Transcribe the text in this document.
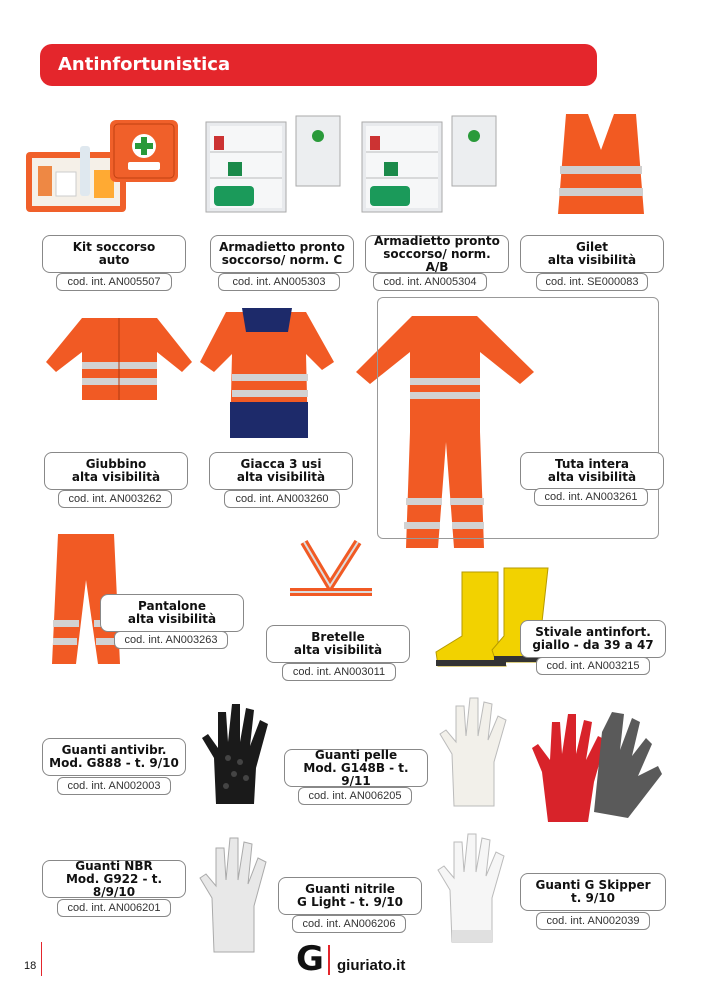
Antinfortunistica
Kit soccorso
auto
cod. int. AN005507
Armadietto pronto
soccorso/ norm. C
cod. int. AN005303
Armadietto pronto
soccorso/ norm. A/B
cod. int. AN005304
Gilet
alta visibilità
cod. int. SE000083
Giubbino
alta visibilità
cod. int. AN003262
Giacca 3 usi
alta visibilità
cod. int. AN003260
Tuta intera
alta visibilità
cod. int. AN003261
Pantalone
alta visibilità
cod. int. AN003263	Bretelle
alta visibilità
cod. int. AN003011
Stivale antinfort.
giallo - da 39 a 47
cod. int. AN003215
Guanti antivibr.
Mod. G888 - t. 9/10
cod. int. AN002003
Guanti pelle
Mod. G148B - t. 9/11
cod. int. AN006205
Guanti NBR
Mod. G922 - t. 8/9/10
cod. int. AN006201
Guanti nitrile
G Light - t. 9/10
cod. int. AN006206
Guanti G Skipper
t. 9/10
cod. int. AN002039
18	G giuriato.it
